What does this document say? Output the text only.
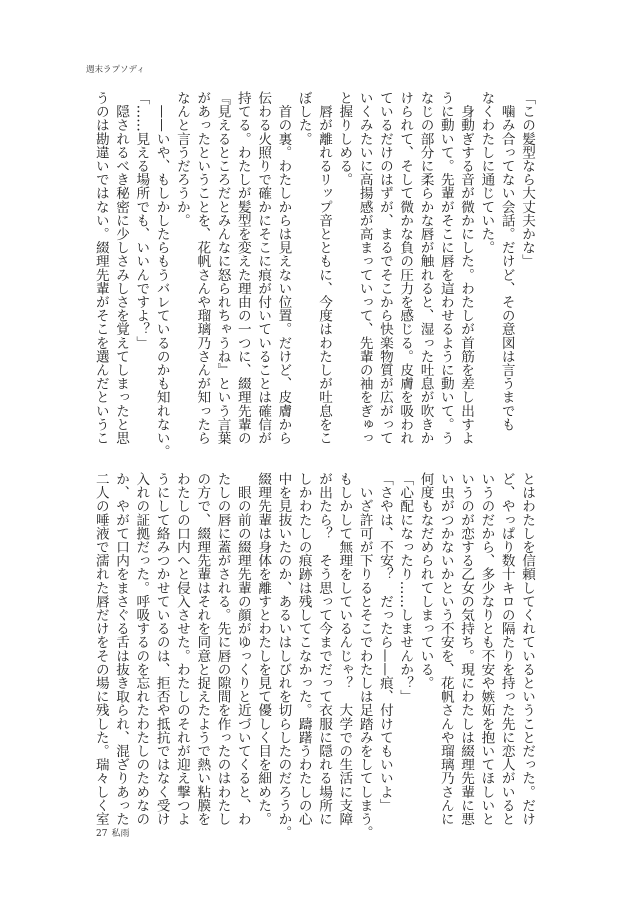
週末ラプソディ
「この髪型なら大丈夫かな」
　噛み合ってない会話。だけど、その意図は言うまでも
なくわたしに通じていた。
　身動ぎする音が微かにした。わたしが首筋を差し出すよ
うに動いて。先輩がそこに唇を這わせるように動いて。う
なじの部分に柔らかな唇が触れると、湿った吐息が吹きか
けられて、そして微かな負の圧力を感じる。皮膚を吸われ
ているだけのはずが、まるでそこから快楽物質が広がって
いくみたいに高揚感が高まっていって、先輩の袖をぎゅっ
と握りしめる。
　唇が離れるリップ音とともに、今度はわたしが吐息をこ
ぼした。
　首の裏。わたしからは見えない位置。だけど、皮膚から
伝わる火照りで確かにそこに痕が付いていることは確信が
持てる。わたしが髪型を変えた理由の一つに、綴理先輩の
『見えるところだとみんなに怒られちゃうね』という言葉
があったということを、花帆さんや瑠璃乃さんが知ったら
なんと言うだろうか。
　——いや、もしかしたらもうバレているのかも知れない。
「……見える場所でも、いいんですよ？」
　隠されるべき秘密に少しさみしさを覚えてしまったと思
うのは勘違いではない。綴理先輩がそこを選んだというこ
とはわたしを信頼してくれているということだった。だけ
ど、やっぱり数十キロの隔たりを持った先に恋人がいると
いうのだから、多少なりとも不安や嫉妬を抱いてほしいと
いうのが恋する乙女の気持ち。現にわたしは綴理先輩に悪
い虫がつかないかという不安を、花帆さんや瑠璃乃さんに
何度もなだめられてしまっている。
「心配になったり……しませんか？」
「さやは、不安？　だったら——痕、付けてもいいよ」
　いざ許可が下りるとそこでわたしは足踏みをしてしまう。
もしかして無理をしているんじゃ？　大学での生活に支障
が出たら？　そう思って今までだって衣服に隠れる場所に
しかわたしの痕跡は残してこなかった。躊躇うわたしの心
中を見抜いたのか、あるいはしびれを切らしたのだろうか。
綴理先輩は身体を離すとわたしを見て優しく目を細めた。
　眼の前の綴理先輩の顔がゆっくりと近づいてくると、わ
たしの唇に蓋がされる。先に唇の隙間を作ったのはわたし
の方で、綴理先輩はそれを同意と捉えたようで熱い粘膜を
わたしの口内へと侵入させた。わたしのそれが迎え撃つよ
うにして絡みつかせているのは、拒否や抵抗ではなく受け
入れの証拠だった。呼吸するのを忘れたわたしのためなの
か、やがて口内をまさぐる舌は抜き取られ、混ざりあった
二人の唾液で濡れた唇だけをその場に残した。瑞々しく室
27 私雨
